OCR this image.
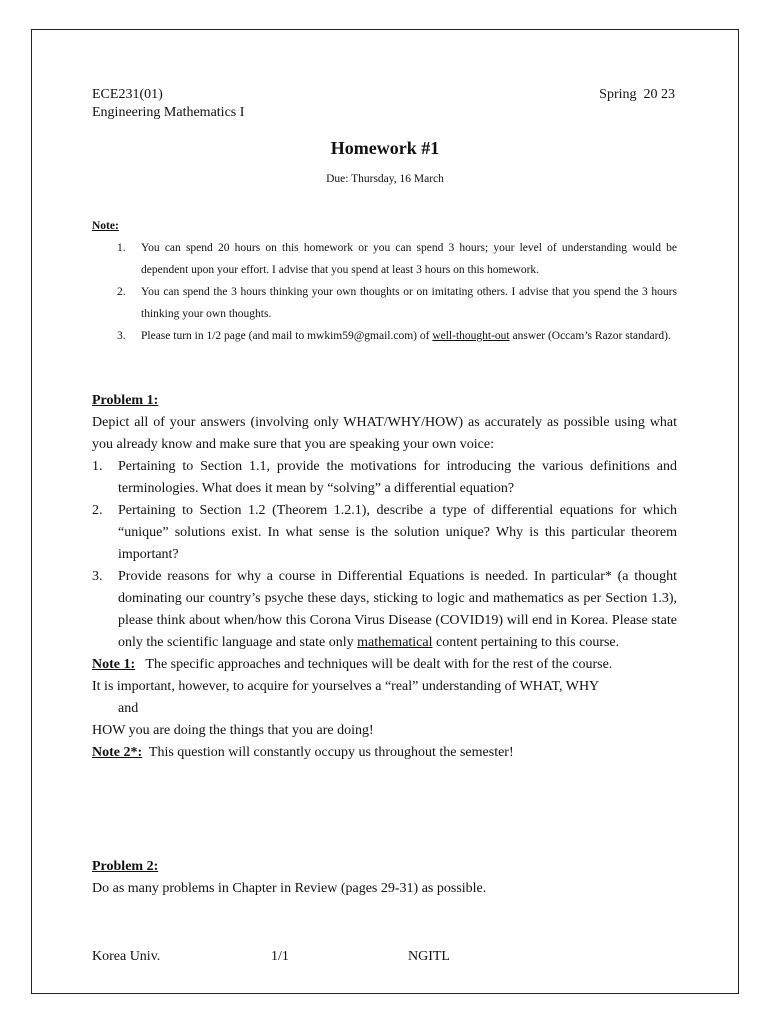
ECE231(01)
Engineering Mathematics I
Spring  20 23
Homework #1
Due: Thursday, 16 March
Note:
1. You can spend 20 hours on this homework or you can spend 3 hours; your level of understanding would be dependent upon your effort. I advise that you spend at least 3 hours on this homework.
2. You can spend the 3 hours thinking your own thoughts or on imitating others. I advise that you spend the 3 hours thinking your own thoughts.
3. Please turn in 1/2 page (and mail to mwkim59@gmail.com) of well-thought-out answer (Occam’s Razor standard).
Problem 1:
Depict all of your answers (involving only WHAT/WHY/HOW) as accurately as possible using what you already know and make sure that you are speaking your own voice:
1. Pertaining to Section 1.1, provide the motivations for introducing the various definitions and terminologies. What does it mean by “solving” a differential equation?
2. Pertaining to Section 1.2 (Theorem 1.2.1), describe a type of differential equations for which “unique” solutions exist. In what sense is the solution unique? Why is this particular theorem important?
3. Provide reasons for why a course in Differential Equations is needed. In particular* (a thought dominating our country’s psyche these days, sticking to logic and mathematics as per Section 1.3), please think about when/how this Corona Virus Disease (COVID19) will end in Korea. Please state only the scientific language and state only mathematical content pertaining to this course.
Note 1:   The specific approaches and techniques will be dealt with for the rest of the course.
It is important, however, to acquire for yourselves a “real” understanding of WHAT, WHY
and
HOW you are doing the things that you are doing!
Note 2*:  This question will constantly occupy us throughout the semester!
Problem 2:
Do as many problems in Chapter in Review (pages 29-31) as possible.
Korea Univ.	1/1	NGITL
